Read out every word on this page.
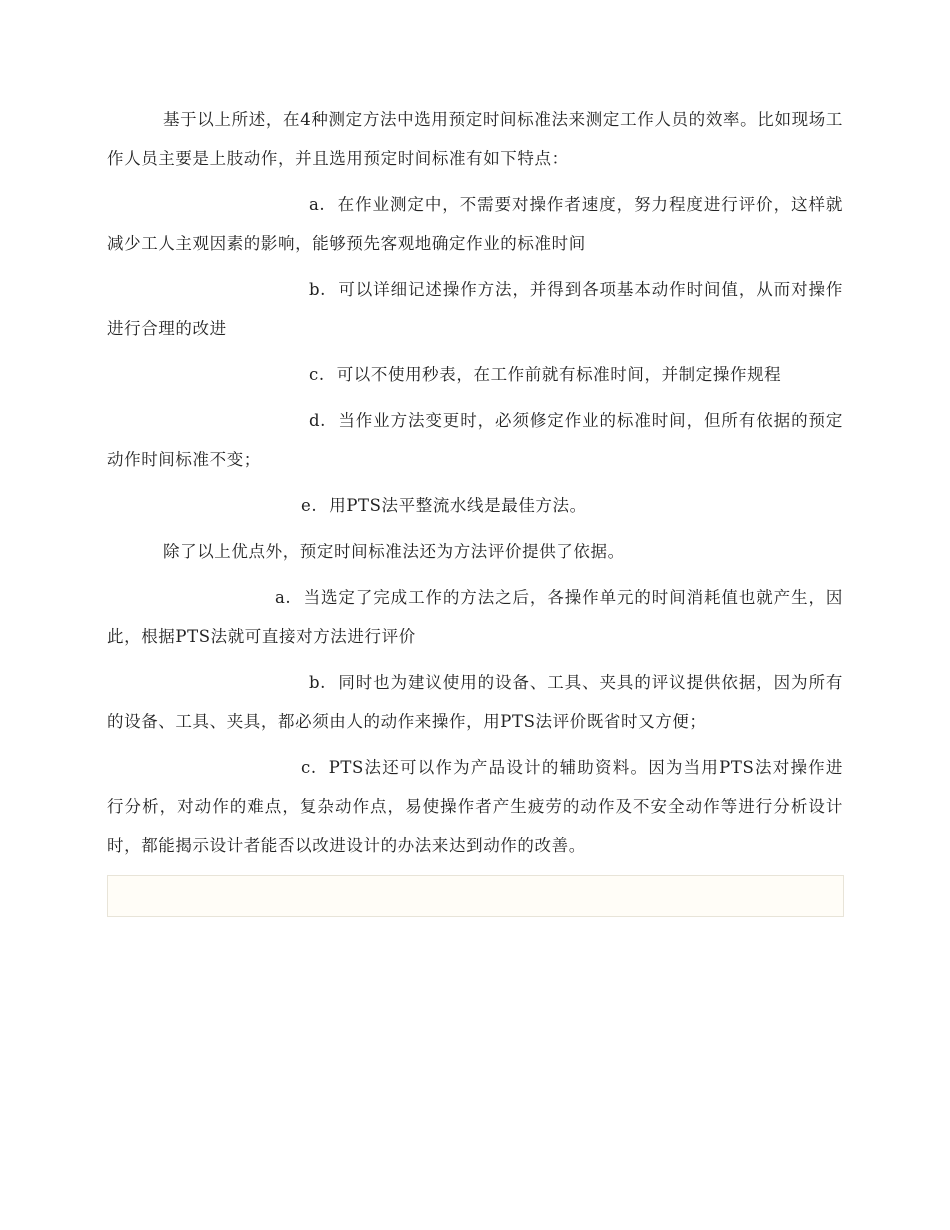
基于以上所述，在4种测定方法中选用预定时间标准法来测定工作人员的效率。比如现场工作人员主要是上肢动作，并且选用预定时间标准有如下特点：

a. 在作业测定中，不需要对操作者速度，努力程度进行评价，这样就减少工人主观因素的影响，能够预先客观地确定作业的标准时间

b. 可以详细记述操作方法，并得到各项基本动作时间值，从而对操作进行合理的改进

c. 可以不使用秒表，在工作前就有标准时间，并制定操作规程

d. 当作业方法变更时，必须修定作业的标准时间，但所有依据的预定动作时间标准不变；

e. 用PTS法平整流水线是最佳方法。

除了以上优点外，预定时间标准法还为方法评价提供了依据。

a. 当选定了完成工作的方法之后，各操作单元的时间消耗值也就产生，因此，根据PTS法就可直接对方法进行评价

b. 同时也为建议使用的设备、工具、夹具的评议提供依据，因为所有的设备、工具、夹具，都必须由人的动作来操作，用PTS法评价既省时又方便；

c. PTS法还可以作为产品设计的辅助资料。因为当用PTS法对操作进行分析，对动作的难点，复杂动作点，易使操作者产生疲劳的动作及不安全动作等进行分析设计时，都能揭示设计者能否以改进设计的办法来达到动作的改善。
